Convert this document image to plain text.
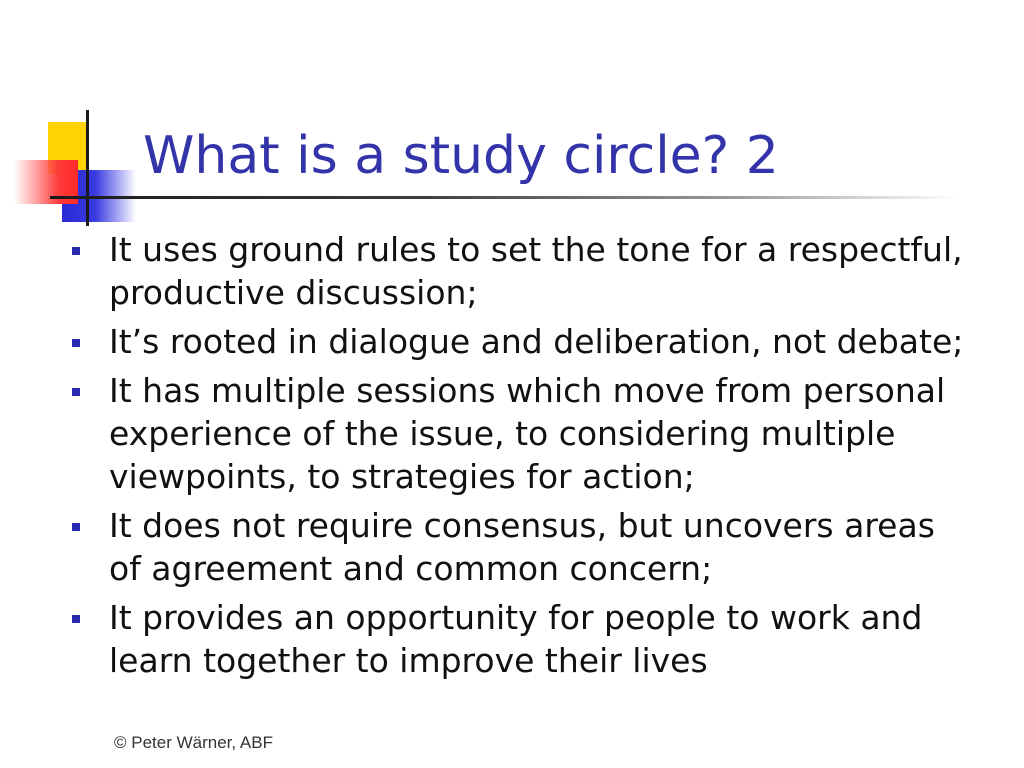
What is a study circle? 2
It uses ground rules to set the tone for a respectful, productive discussion;
It’s rooted in dialogue and deliberation, not debate;
It has multiple sessions which move from personal experience of the issue, to considering multiple viewpoints, to strategies for action;
It does not require consensus, but uncovers areas of agreement and common concern;
It provides an opportunity for people to work and learn together to improve their lives
© Peter Wärner, ABF
